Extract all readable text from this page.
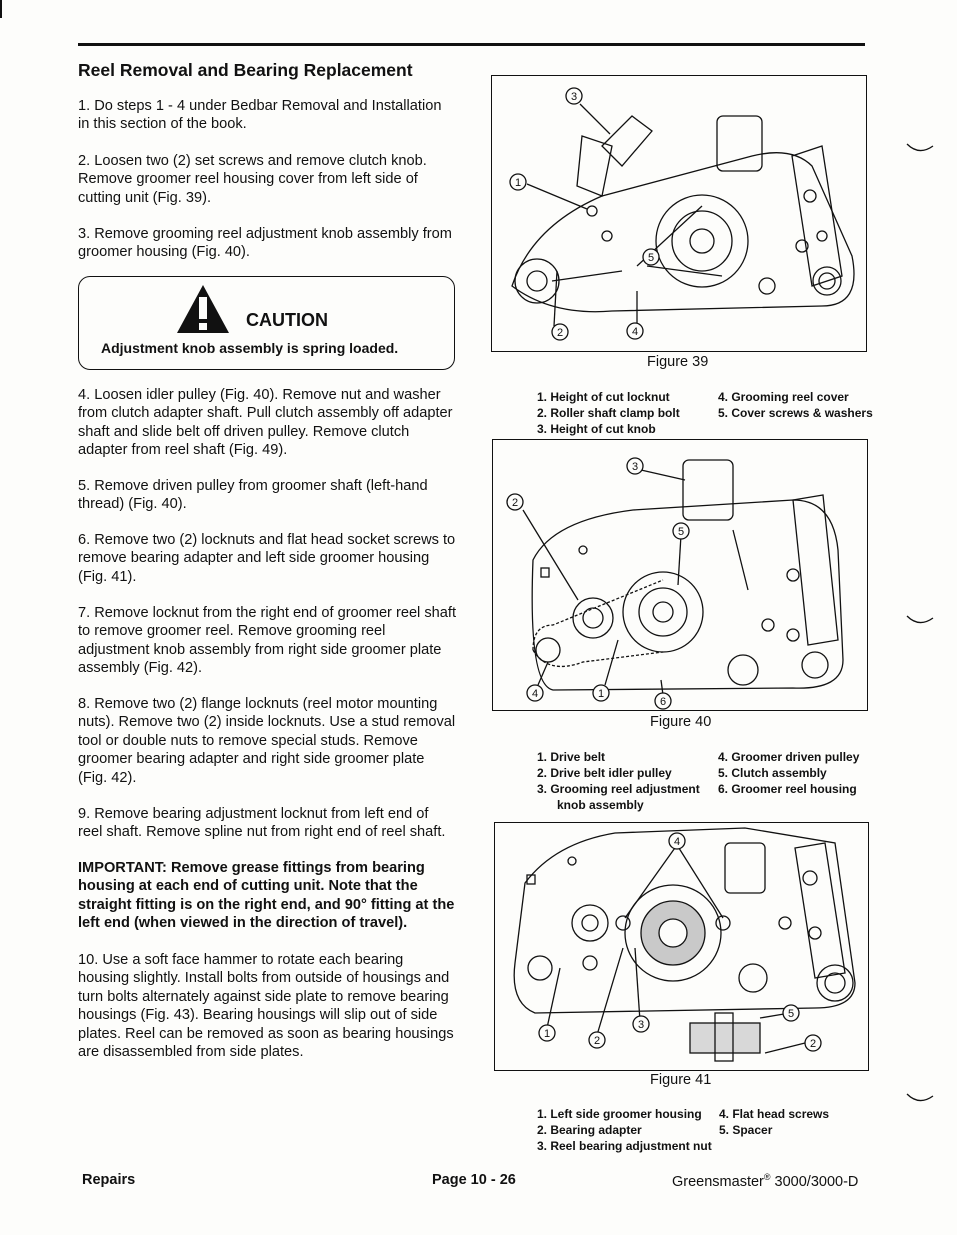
Reel Removal and Bearing Replacement

1. Do steps 1 - 4 under Bedbar Removal and Installation in this section of the book.

2. Loosen two (2) set screws and remove clutch knob. Remove groomer reel housing cover from left side of cutting unit (Fig. 39).

3. Remove grooming reel adjustment knob assembly from groomer housing (Fig. 40).

CAUTION
Adjustment knob assembly is spring loaded.

4. Loosen idler pulley (Fig. 40). Remove nut and washer from clutch adapter shaft. Pull clutch assembly off adapter shaft and slide belt off driven pulley. Remove clutch adapter from reel shaft (Fig. 49).

5. Remove driven pulley from groomer shaft (left-hand thread) (Fig. 40).

6. Remove two (2) locknuts and flat head socket screws to remove bearing adapter and left side groomer housing (Fig. 41).

7. Remove locknut from the right end of groomer reel shaft to remove groomer reel. Remove grooming reel adjustment knob assembly from right side groomer plate assembly (Fig. 42).

8. Remove two (2) flange locknuts (reel motor mounting nuts). Remove two (2) inside locknuts. Use a stud removal tool or double nuts to remove special studs. Remove groomer bearing adapter and right side groomer plate (Fig. 42).

9. Remove bearing adjustment locknut from left end of reel shaft. Remove spline nut from right end of reel shaft.

IMPORTANT: Remove grease fittings from bearing housing at each end of cutting unit. Note that the straight fitting is on the right end, and 90° fitting at the left end (when viewed in the direction of travel).

10. Use a soft face hammer to rotate each bearing housing slightly. Install bolts from outside of housings and turn bolts alternately against side plate to remove bearing housings (Fig. 43). Bearing housings will slip out of side plates. Reel can be removed as soon as bearing housings are disassembled from side plates.

3
1
5
2	4
Figure 39
1. Height of cut locknut
2. Roller shaft clamp bolt
3. Height of cut knob
4. Grooming reel cover
5. Cover screws & washers
3
2
5
4	1
6
Figure 40
1. Drive belt
2. Drive belt idler pulley
3. Grooming reel adjustment
knob assembly
4. Groomer driven pulley
5. Clutch assembly
6. Groomer reel housing
4
1
2
3
5
2
Figure 41
1. Left side groomer housing
2. Bearing adapter
3. Reel bearing adjustment nut
4. Flat head screws
5. Spacer
Repairs	Page 10 - 26	Greensmaster® 3000/3000-D
